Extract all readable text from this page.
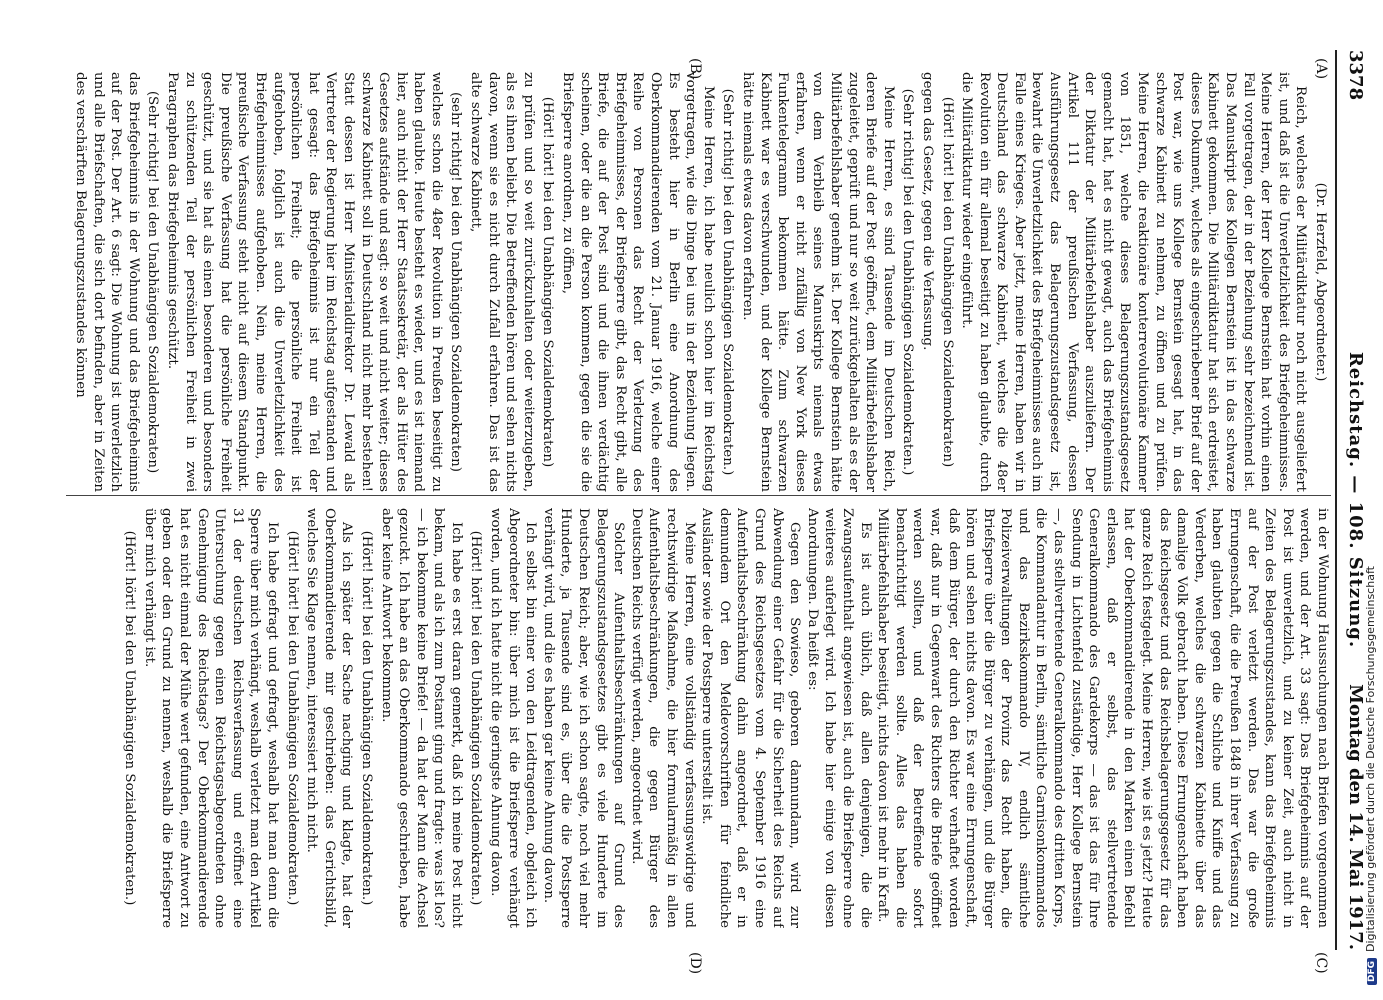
3378
Reichstag. — 108. Sitzung.
Montag den 14. Mai 1917.
(A)
(B)
(C)
(D)

(Dr. Herzfeld, Abgeordneter.)

Reich, welches der Militärdiktatur noch nicht ausgeliefert ist, und daß ist die Unverletzlichkeit des Briefgeheimnisses. Meine Herren, der Herr Kollege Bernstein hat vorhin einen Fall vorgetragen, der in der Beziehung sehr bezeichnend ist. Das Manuskript des Kollegen Bernstein ist in das schwarze Kabinett gekommen. Die Militärdiktatur hat sich erdreistet, dieses Dokument, welches als eingeschriebener Brief auf der Post war, wie uns Kollege Bernstein gesagt hat, in das schwarze Kabinett zu nehmen, zu öffnen und zu prüfen. Meine Herren, die reaktionäre konterrevolutionäre Kammer von 1851, welche dieses Belagerungszustandsgesetz gemacht hat, hat es nicht gewagt, auch das Briefgeheimnis der Diktatur der Militärbefehlshaber auszuliefern. Der Artikel 111 der preußischen Verfassung, dessen Ausführungsgesetz das Belagerungszustandsgesetz ist, bewahrt die Unverletzlichkeit des Briefgeheimnisses auch im Falle eines Krieges. Aber jetzt, meine Herren, haben wir in Deutschland das schwarze Kabinett, welches die 48er Revolution ein für allemal beseitigt zu haben glaubte, durch die Militärdiktatur wieder eingeführt.

(Hört! hört! bei den Unabhängigen Sozialdemokraten)

gegen das Gesetz, gegen die Verfassung.

(Sehr richtig! bei den Unabhängigen Sozialdemokraten.)

Meine Herren, es sind Tausende im Deutschen Reich, deren Briefe auf der Post geöffnet, dem Militärbefehlshaber zugeleitet, geprüft und nur so weit zurückgehalten als es der Militärbefehlshaber genehm ist. Der Kollege Bernstein hätte von dem Verbleib seines Manuskripts niemals etwas erfahren, wenn er nicht zufällig von New York dieses Funkentelegramm bekommen hätte. Zum schwarzen Kabinett war es verschwunden, und der Kollege Bernstein hätte niemals etwas davon erfahren.

(Sehr richtig! bei den Unabhängigen Sozialdemokraten.)

Meine Herren, ich habe neulich schon hier im Reichstag vorgetragen, wie die Dinge bei uns in der Beziehung liegen. Es besteht hier in Berlin eine Anordnung des Oberkommandierenden vom 21. Januar 1916, welche einer Reihe von Personen das Recht der Verletzung des Briefgeheimnisses, der Briefsperre gibt, das Recht gibt, alle Briefe, die auf der Post sind und die ihnen verdächtig scheinen, oder die an die Person kommen, gegen die sie die Briefsperre anordnen, zu öffnen,

(Hört! hört! bei den Unabhängigen Sozialdemokraten)

zu prüfen und so weit zurückzuhalten oder weiterzugeben, als es ihnen beliebt. Die Betreffenden hören und sehen nichts davon, wenn sie es nicht durch Zufall erfahren. Das ist das alte schwarze Kabinett,

(sehr richtig! bei den Unabhängigen Sozialdemokraten)

welches schon die 48er Revolution in Preußen beseitigt zu haben glaubte. Heute besteht es wieder, und es ist niemand hier, auch nicht der Herr Staatssekretär, der als Hüter des Gesetzes aufstände und sagt: so weit und nicht weiter; dieses schwarze Kabinett soll in Deutschland nicht mehr bestehen! Statt dessen ist Herr Ministerialdirektor Dr. Lewald als Vertreter der Regierung hier im Reichstag aufgestanden und hat gesagt: das Briefgeheimnis ist nur ein Teil der persönlichen Freiheit; die persönliche Freiheit ist aufgehoben, folglich ist auch die Unverletzlichkeit des Briefgeheimnisses aufgehoben. Nein, meine Herren, die preußische Verfassung steht nicht auf diesem Standpunkt. Die preußische Verfassung hat die persönliche Freiheit geschützt, und sie hat als einen besonderen und besonders zu schützenden Teil der persönlichen Freiheit in zwei Paragraphen das Briefgeheimnis geschützt.

(Sehr richtig! bei den Unabhängigen Sozialdemokraten)

das Briefgeheimnis in der Wohnung und das Briefgeheimnis auf der Post. Der Art. 6 sagt: Die Wohnung ist unverletzlich und alle Briefschaften, die sich dort befinden, aber in Zeiten des verschärften Belagerungszustandes können

in der Wohnung Haussuchungen nach Briefen vorgenommen werden, und der Art. 33 sagt: Das Briefgeheimnis auf der Post ist unverletzlich, und zu keiner Zeit, auch nicht in Zeiten des Belagerungszustandes, kann das Briefgeheimnis auf der Post verletzt werden. Das war die große Errungenschaft, die die Preußen 1848 in ihrer Verfassung zu haben glaubten gegen die Schliche und Kniffe und das Verderben, welches die schwarzen Kabinette über das damalige Volk gebracht haben. Diese Errungenschaft haben das Reichsgesetz und das Reichsbelagerungsgesetz für das ganze Reich festgelegt. Meine Herren, wie ist es jetzt? Heute hat der Oberkommandierende in den Marken einen Befehl erlassen, daß er selbst, das stellvertretende Generalkommando des Gardekorps — das ist das für Ihre Sendung in Lichtenfeld zuständige, Herr Kollege Bernstein —, das stellvertretende Generalkommando des dritten Korps, die Kommandantur in Berlin, sämtliche Garnisonkommandos und das Bezirkskommando IV, endlich sämtliche Polizeiverwaltungen der Provinz das Recht haben, die Briefsperre über die Bürger zu verhängen, und die Bürger hören und sehen nichts davon. Es war eine Errungenschaft, daß dem Bürger, der durch den Richter verhaftet worden war, daß nur in Gegenwart des Richters die Briefe geöffnet werden sollten, und daß der Betreffende sofort benachrichtigt werden sollte. Alles das haben die Militärbefehlshaber beseitigt, nichts davon ist mehr in Kraft.

Es ist auch üblich, daß allen denjenigen, die die Zwangsaufenthalt angewiesen ist, auch die Briefsperre ohne weiteres auferlegt wird. Ich habe hier einige von diesen Anordnungen. Da heißt es:

Gegen den Sowieso, geboren dannundann, wird zur Abwendung einer Gefahr für die Sicherheit des Reichs auf Grund des Reichsgesetzes vom 4. September 1916 eine Aufenthaltsbeschränkung dahin angeordnet, daß er in demundem Ort den Meldevorschriften für feindliche Ausländer sowie der Postsperre unterstellt ist.

Meine Herren, eine vollständig verfassungswidrige und rechtswidrige Maßnahme, die hier formularmäßig in allen Aufenthaltsbeschränkungen, die gegen Bürger des Deutschen Reichs verfügt werden, angeordnet wird.

Solcher Aufenthaltsbeschränkungen auf Grund des Belagerungszustandsgesetzes gibt es viele Hunderte im Deutschen Reich; aber, wie ich schon sagte, noch viel mehr Hunderte, ja Tausende sind es, über die die Postsperre verhängt wird, und die es haben gar keine Ahnung davon.

Ich selbst bin einer von den Leidtragenden, obgleich ich Abgeordneter bin: über mich ist die Briefsperre verhängt worden, und ich hatte nicht die geringste Ahnung davon.

(Hört! hört! bei den Unabhängigen Sozialdemokraten.)

Ich habe es erst daran gemerkt, daß ich meine Post nicht bekam, und als ich zum Postamt ging und fragte: was ist los? — ich bekomme keine Briefe! — da hat der Mann die Achsel gezuckt. Ich habe an das Oberkommando geschrieben, habe aber keine Antwort bekommen.

(Hört! hört! bei den Unabhängigen Sozialdemokraten.)

Als ich später der Sache nachging und klagte, hat der Oberkommandierende mir geschrieben: das Gerichtsbild, welches Sie Klage nennen, interessiert mich nicht.

(Hört! hört! bei den Unabhängigen Sozialdemokraten.)

Ich habe gefragt und gefragt, weshalb hat man denn die Sperre über mich verhängt, weshalb verletzt man den Artikel 31 der deutschen Reichsverfassung und eröffnet eine Untersuchung gegen einen Reichstagsabgeordneten ohne Genehmigung des Reichstags? Der Oberkommandierende hat es nicht einmal der Mühe wert gefunden, eine Antwort zu geben oder den Grund zu nennen, weshalb die Briefsperre über mich verhängt ist.

(Hört! hört! bei den Unabhängigen Sozialdemokraten.)

DFGDigitalisierung gefördert durch die Deutsche Forschungsgemeinschaft
